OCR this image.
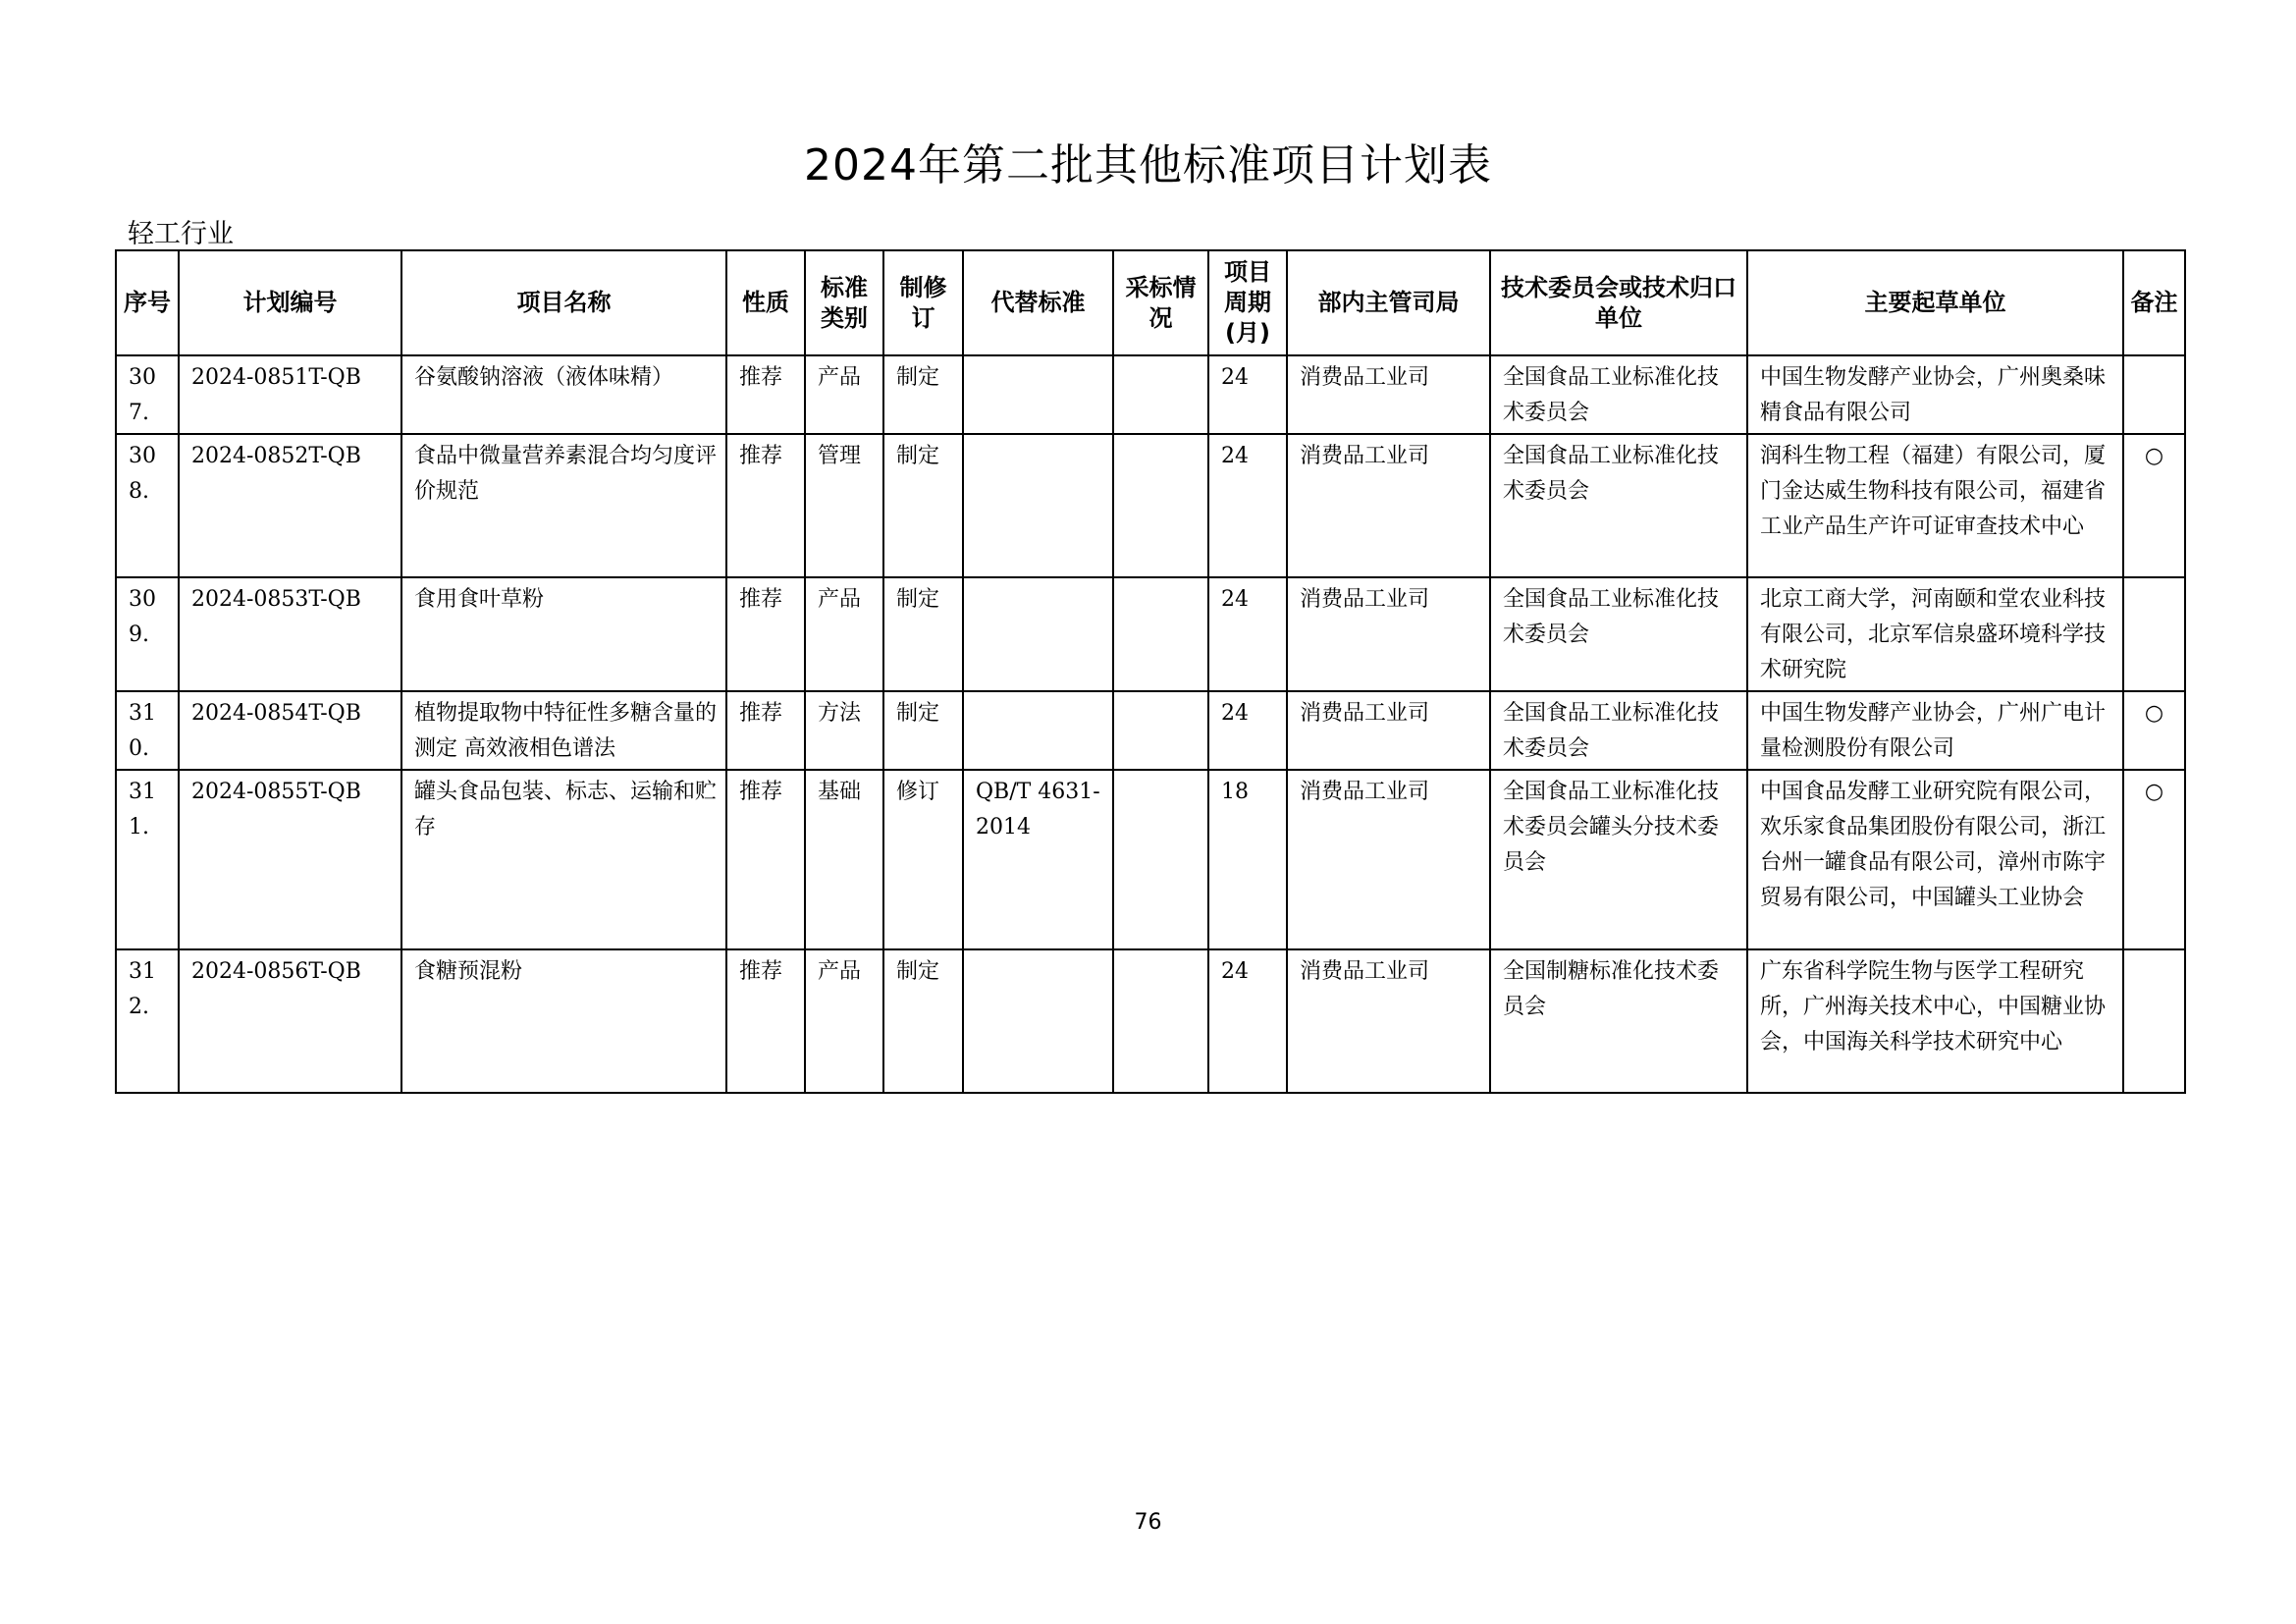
2024年第二批其他标准项目计划表
轻工行业
序号	计划编号	项目名称	性质	标准类别	制修订	代替标准	采标情况	项目周期(月)	部内主管司局	技术委员会或技术归口单位	主要起草单位	备注
307.	2024-0851T-QB	谷氨酸钠溶液（液体味精）	推荐	产品	制定			24	消费品工业司	全国食品工业标准化技术委员会	中国生物发酵产业协会，广州奥桑味精食品有限公司	
308.	2024-0852T-QB	食品中微量营养素混合均匀度评价规范	推荐	管理	制定			24	消费品工业司	全国食品工业标准化技术委员会	润科生物工程（福建）有限公司，厦门金达威生物科技有限公司，福建省工业产品生产许可证审查技术中心	○
309.	2024-0853T-QB	食用食叶草粉	推荐	产品	制定			24	消费品工业司	全国食品工业标准化技术委员会	北京工商大学，河南颐和堂农业科技有限公司，北京军信泉盛环境科学技术研究院	
310.	2024-0854T-QB	植物提取物中特征性多糖含量的测定 高效液相色谱法	推荐	方法	制定			24	消费品工业司	全国食品工业标准化技术委员会	中国生物发酵产业协会，广州广电计量检测股份有限公司	○
311.	2024-0855T-QB	罐头食品包装、标志、运输和贮存	推荐	基础	修订	QB/T 4631-2014		18	消费品工业司	全国食品工业标准化技术委员会罐头分技术委员会	中国食品发酵工业研究院有限公司，欢乐家食品集团股份有限公司，浙江台州一罐食品有限公司，漳州市陈宇贸易有限公司，中国罐头工业协会	○
312.	2024-0856T-QB	食糖预混粉	推荐	产品	制定			24	消费品工业司	全国制糖标准化技术委员会	广东省科学院生物与医学工程研究所，广州海关技术中心，中国糖业协会，中国海关科学技术研究中心	
76
